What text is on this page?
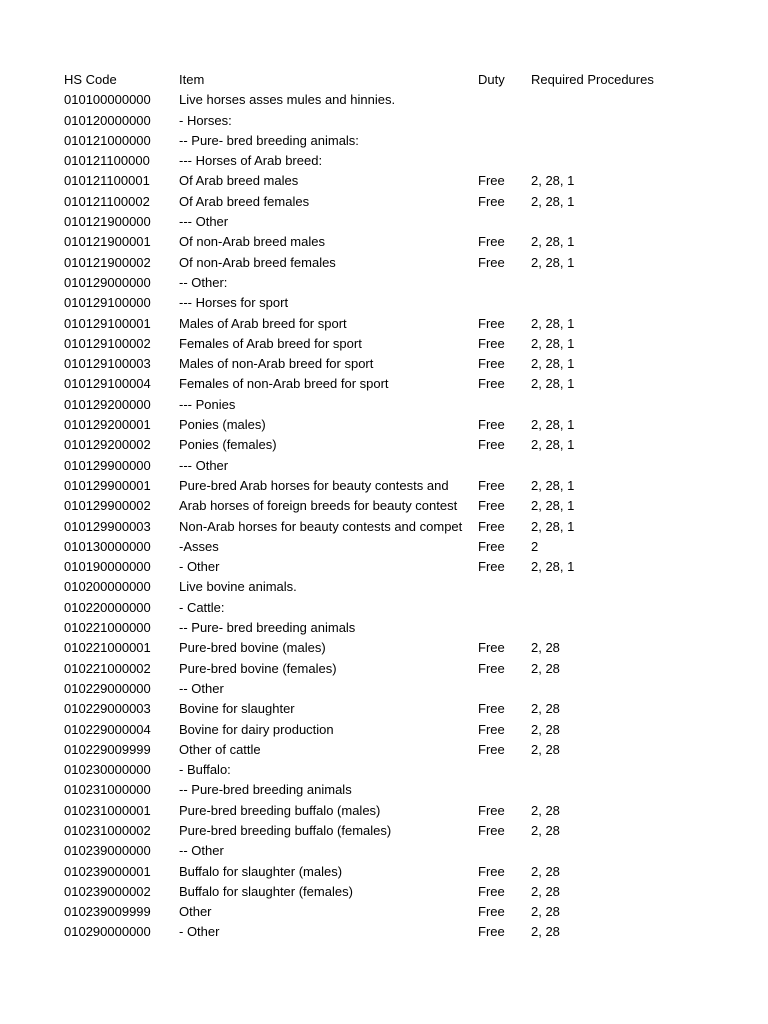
HS Code	Item	Duty	Required Procedures
010100000000	Live horses asses mules and hinnies.
010120000000	- Horses:
010121000000	-- Pure- bred breeding animals:
010121100000	--- Horses of Arab breed:
010121100001	Of Arab breed males	Free	2, 28, 1
010121100002	Of Arab breed females	Free	2, 28, 1
010121900000	--- Other
010121900001	Of non-Arab breed males	Free	2, 28, 1
010121900002	Of non-Arab breed females	Free	2, 28, 1
010129000000	-- Other:
010129100000	--- Horses for sport
010129100001	Males of Arab breed for sport	Free	2, 28, 1
010129100002	Females of Arab breed for sport	Free	2, 28, 1
010129100003	Males of non-Arab breed for sport	Free	2, 28, 1
010129100004	Females of non-Arab breed for sport	Free	2, 28, 1
010129200000	--- Ponies
010129200001	Ponies (males)	Free	2, 28, 1
010129200002	Ponies (females)	Free	2, 28, 1
010129900000	--- Other
010129900001	Pure-bred Arab horses for beauty contests and	Free	2, 28, 1
010129900002	Arab horses of foreign breeds for beauty contest	Free	2, 28, 1
010129900003	Non-Arab horses for beauty contests and compet	Free	2, 28, 1
010130000000	-Asses	Free	2
010190000000	- Other	Free	2, 28, 1
010200000000	Live bovine animals.
010220000000	- Cattle:
010221000000	-- Pure- bred breeding animals
010221000001	Pure-bred bovine (males)	Free	2, 28
010221000002	Pure-bred bovine (females)	Free	2, 28
010229000000	-- Other
010229000003	Bovine for slaughter	Free	2, 28
010229000004	Bovine for dairy production	Free	2, 28
010229009999	Other of cattle	Free	2, 28
010230000000	- Buffalo:
010231000000	-- Pure-bred breeding animals
010231000001	Pure-bred breeding buffalo (males)	Free	2, 28
010231000002	Pure-bred breeding buffalo (females)	Free	2, 28
010239000000	-- Other
010239000001	Buffalo for slaughter (males)	Free	2, 28
010239000002	Buffalo for slaughter (females)	Free	2, 28
010239009999	Other	Free	2, 28
010290000000	- Other	Free	2, 28
